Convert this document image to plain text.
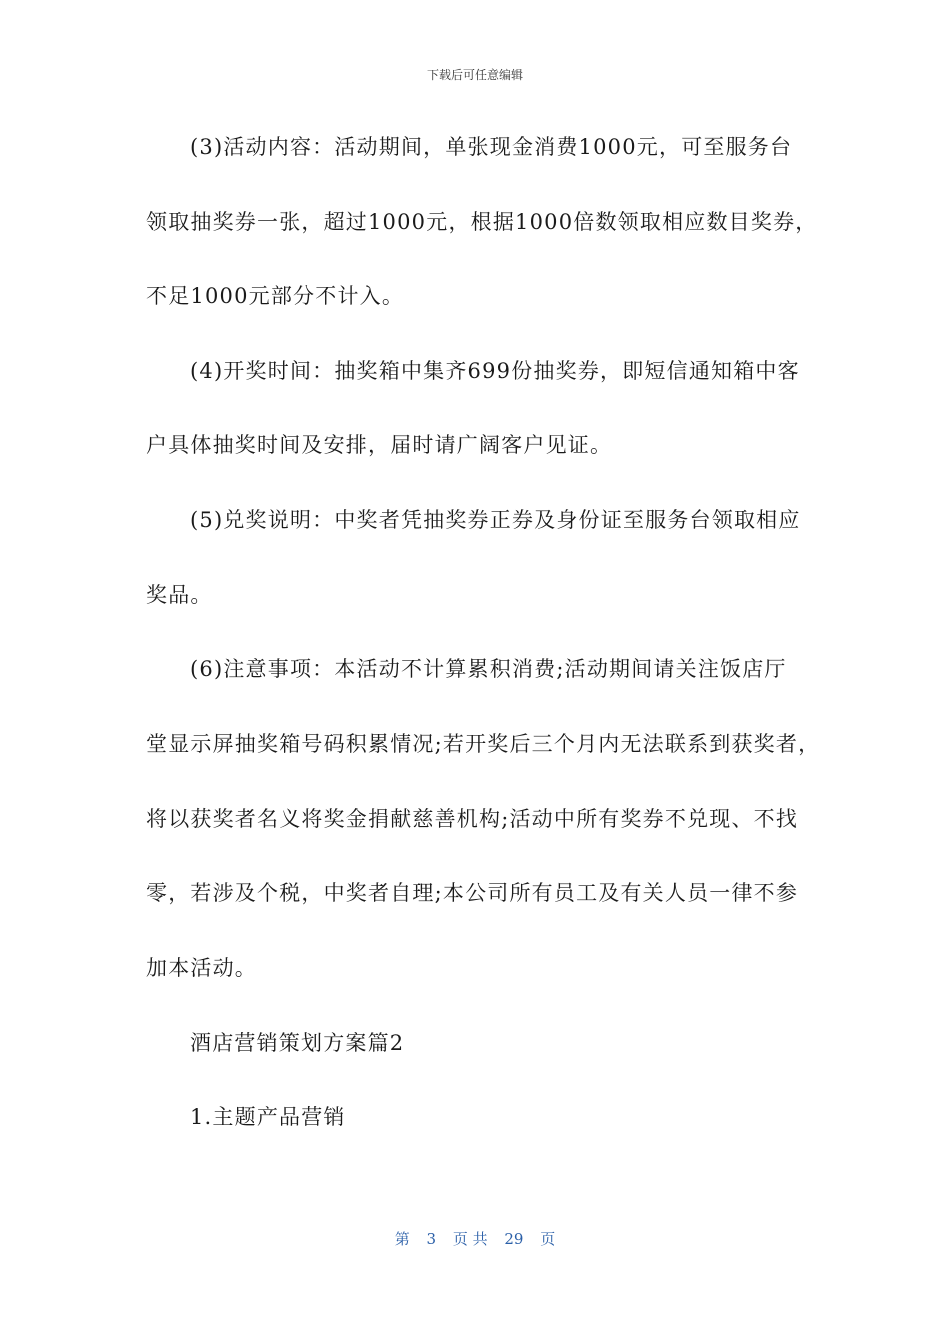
下载后可任意编辑
(3)活动内容：活动期间，单张现金消费1000元，可至服务台
领取抽奖券一张，超过1000元，根据1000倍数领取相应数目奖券，
不足1000元部分不计入。
(4)开奖时间：抽奖箱中集齐699份抽奖券，即短信通知箱中客
户具体抽奖时间及安排，届时请广阔客户见证。
(5)兑奖说明：中奖者凭抽奖券正券及身份证至服务台领取相应
奖品。
(6)注意事项：本活动不计算累积消费;活动期间请关注饭店厅
堂显示屏抽奖箱号码积累情况;若开奖后三个月内无法联系到获奖者，
将以获奖者名义将奖金捐献慈善机构;活动中所有奖券不兑现、不找
零，若涉及个税，中奖者自理;本公司所有员工及有关人员一律不参
加本活动。
酒店营销策划方案篇2
1.主题产品营销
第 3 页 共 29 页
